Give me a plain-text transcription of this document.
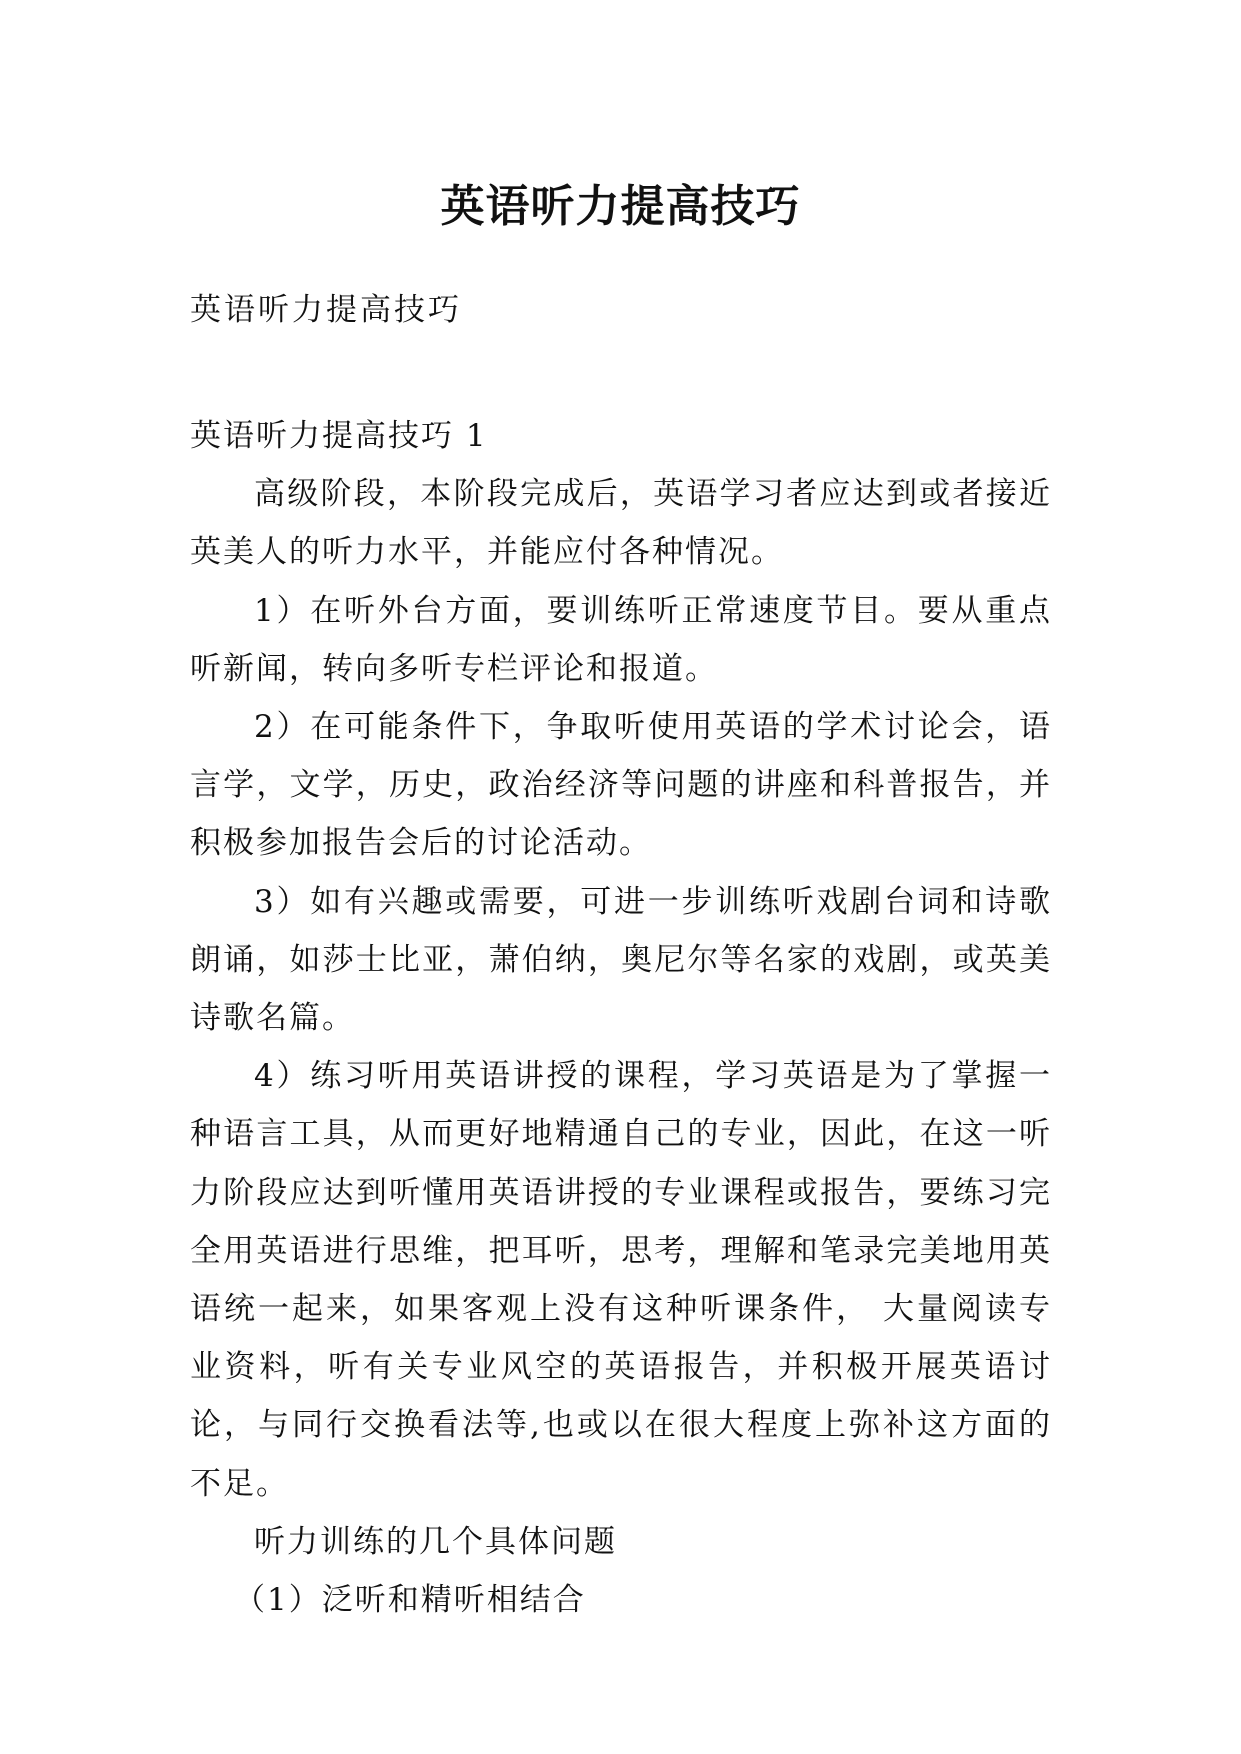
英语听力提高技巧
英语听力提高技巧

英语听力提高技巧 1

高级阶段，本阶段完成后，英语学习者应达到或者接近英美人的听力水平，并能应付各种情况。

1）在听外台方面，要训练听正常速度节目。要从重点听新闻，转向多听专栏评论和报道。

2）在可能条件下，争取听使用英语的学术讨论会，语言学，文学，历史，政治经济等问题的讲座和科普报告，并积极参加报告会后的讨论活动。

3）如有兴趣或需要，可进一步训练听戏剧台词和诗歌朗诵，如莎士比亚，萧伯纳，奥尼尔等名家的戏剧，或英美诗歌名篇。

4）练习听用英语讲授的课程，学习英语是为了掌握一种语言工具，从而更好地精通自己的专业，因此，在这一听力阶段应达到听懂用英语讲授的专业课程或报告，要练习完全用英语进行思维，把耳听，思考，理解和笔录完美地用英语统一起来，如果客观上没有这种听课条件， 大量阅读专业资料，听有关专业风空的英语报告，并积极开展英语讨论，与同行交换看法等,也或以在很大程度上弥补这方面的不足。

听力训练的几个具体问题

（1）泛听和精听相结合
